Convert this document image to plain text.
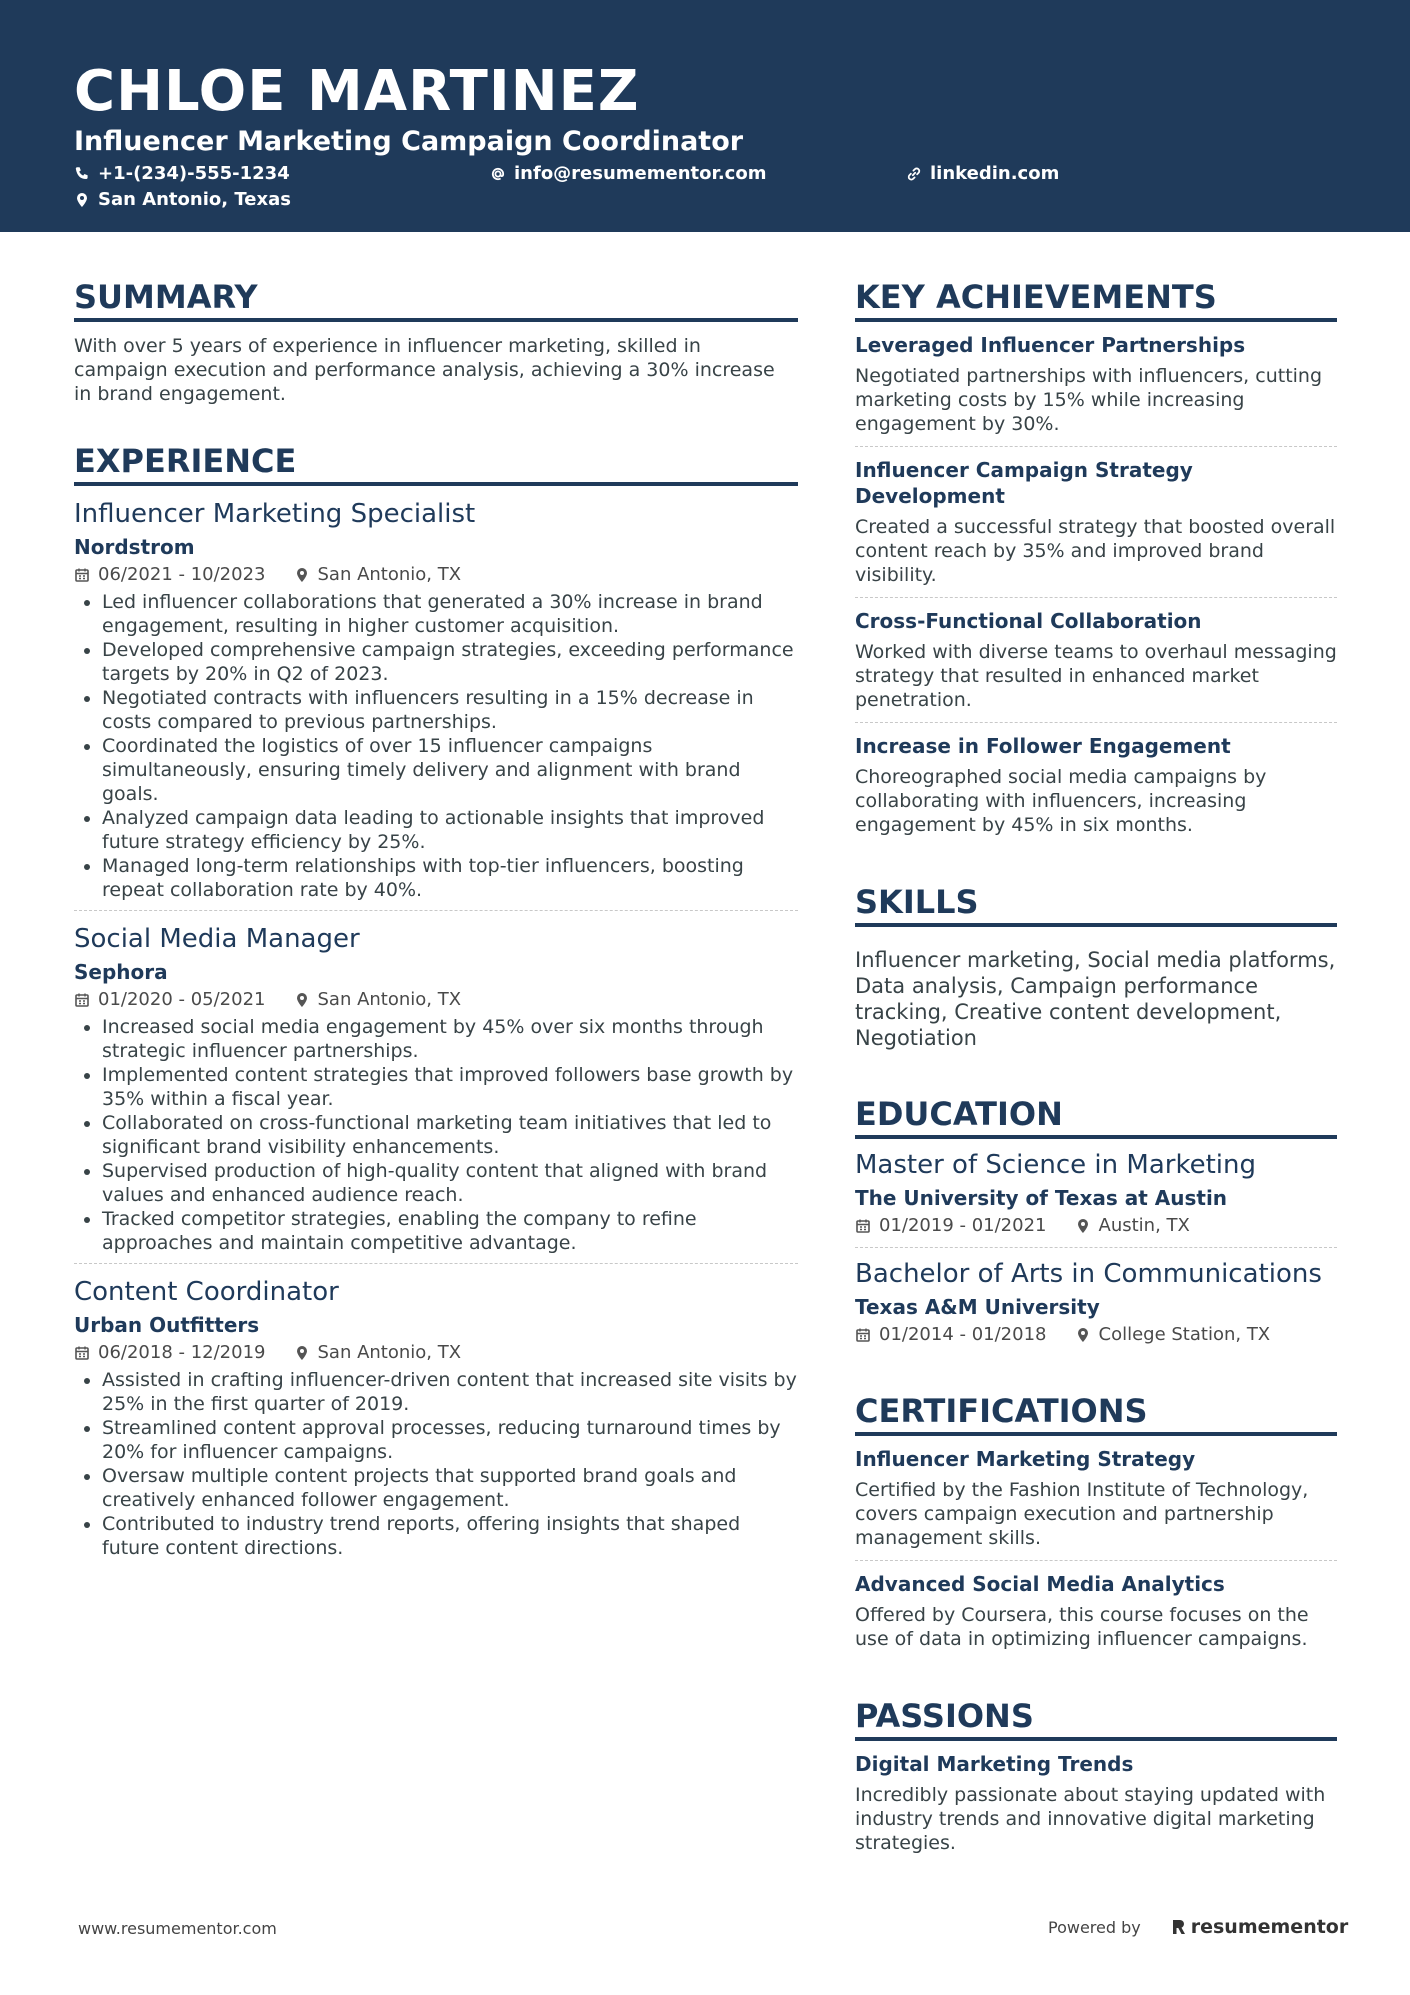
CHLOE MARTINEZ
Influencer Marketing Campaign Coordinator
+1-(234)-555-1234	info@resumementor.com	linkedin.com
San Antonio, Texas
SUMMARY

With over 5 years of experience in influencer marketing, skilled in campaign execution and performance analysis, achieving a 30% increase in brand engagement.

EXPERIENCE
Influencer Marketing Specialist
Nordstrom
06/2021 - 10/2023	San Antonio, TX
• Led influencer collaborations that generated a 30% increase in brand engagement, resulting in higher customer acquisition.
• Developed comprehensive campaign strategies, exceeding performance targets by 20% in Q2 of 2023.
• Negotiated contracts with influencers resulting in a 15% decrease in costs compared to previous partnerships.
• Coordinated the logistics of over 15 influencer campaigns simultaneously, ensuring timely delivery and alignment with brand goals.
• Analyzed campaign data leading to actionable insights that improved future strategy efficiency by 25%.
• Managed long-term relationships with top-tier influencers, boosting repeat collaboration rate by 40%.
Social Media Manager
Sephora
01/2020 - 05/2021	San Antonio, TX
• Increased social media engagement by 45% over six months through strategic influencer partnerships.
• Implemented content strategies that improved followers base growth by 35% within a fiscal year.
• Collaborated on cross-functional marketing team initiatives that led to significant brand visibility enhancements.
• Supervised production of high-quality content that aligned with brand values and enhanced audience reach.
• Tracked competitor strategies, enabling the company to refine approaches and maintain competitive advantage.
Content Coordinator
Urban Outfitters
06/2018 - 12/2019	San Antonio, TX
• Assisted in crafting influencer-driven content that increased site visits by 25% in the first quarter of 2019.
• Streamlined content approval processes, reducing turnaround times by 20% for influencer campaigns.
• Oversaw multiple content projects that supported brand goals and creatively enhanced follower engagement.
• Contributed to industry trend reports, offering insights that shaped future content directions.
KEY ACHIEVEMENTS
Leveraged Influencer Partnerships

Negotiated partnerships with influencers, cutting marketing costs by 15% while increasing engagement by 30%.

Influencer Campaign Strategy Development

Created a successful strategy that boosted overall content reach by 35% and improved brand visibility.

Cross-Functional Collaboration

Worked with diverse teams to overhaul messaging strategy that resulted in enhanced market penetration.

Increase in Follower Engagement

Choreographed social media campaigns by collaborating with influencers, increasing engagement by 45% in six months.

SKILLS

Influencer marketing, Social media platforms, Data analysis, Campaign performance tracking, Creative content development, Negotiation

EDUCATION
Master of Science in Marketing
The University of Texas at Austin
01/2019 - 01/2021	Austin, TX
Bachelor of Arts in Communications
Texas A&M University
01/2014 - 01/2018	College Station, TX
CERTIFICATIONS
Influencer Marketing Strategy

Certified by the Fashion Institute of Technology, covers campaign execution and partnership management skills.

Advanced Social Media Analytics

Offered by Coursera, this course focuses on the use of data in optimizing influencer campaigns.

PASSIONS
Digital Marketing Trends

Incredibly passionate about staying updated with industry trends and innovative digital marketing strategies.

www.resumementor.com	Powered by	resumementor
